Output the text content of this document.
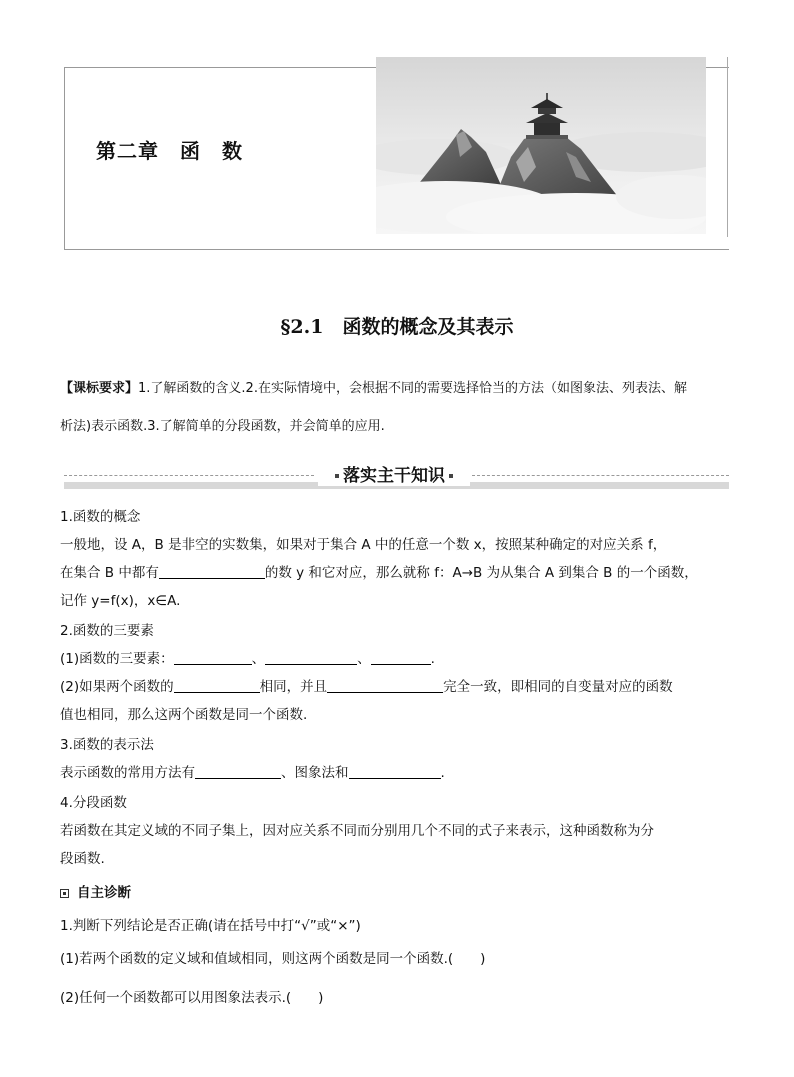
第二章　函　数
§2.1　函数的概念及其表示
【课标要求】1.了解函数的含义.2.在实际情境中，会根据不同的需要选择恰当的方法（如图象法、列表法、解
析法)表示函数.3.了解简单的分段函数，并会简单的应用.
落实主干知识
1.函数的概念
一般地，设 A，B 是非空的实数集，如果对于集合 A 中的任意一个数 x，按照某种确定的对应关系 f，
在集合 B 中都有	的数 y 和它对应，那么就称 f：A→B 为从集合 A 到集合 B 的一个函数，
记作 y=f(x)，x∈A.
2.函数的三要素
(1)函数的三要素：	、	、	.
(2)如果两个函数的	相同，并且	完全一致，即相同的自变量对应的函数
值也相同，那么这两个函数是同一个函数.
3.函数的表示法
表示函数的常用方法有	、图象法和	.
4.分段函数
若函数在其定义域的不同子集上，因对应关系不同而分别用几个不同的式子来表示，这种函数称为分
段函数.
自主诊断
1.判断下列结论是否正确(请在括号中打“√”或“×”)
(1)若两个函数的定义域和值域相同，则这两个函数是同一个函数.(　　)
(2)任何一个函数都可以用图象法表示.(　　)
